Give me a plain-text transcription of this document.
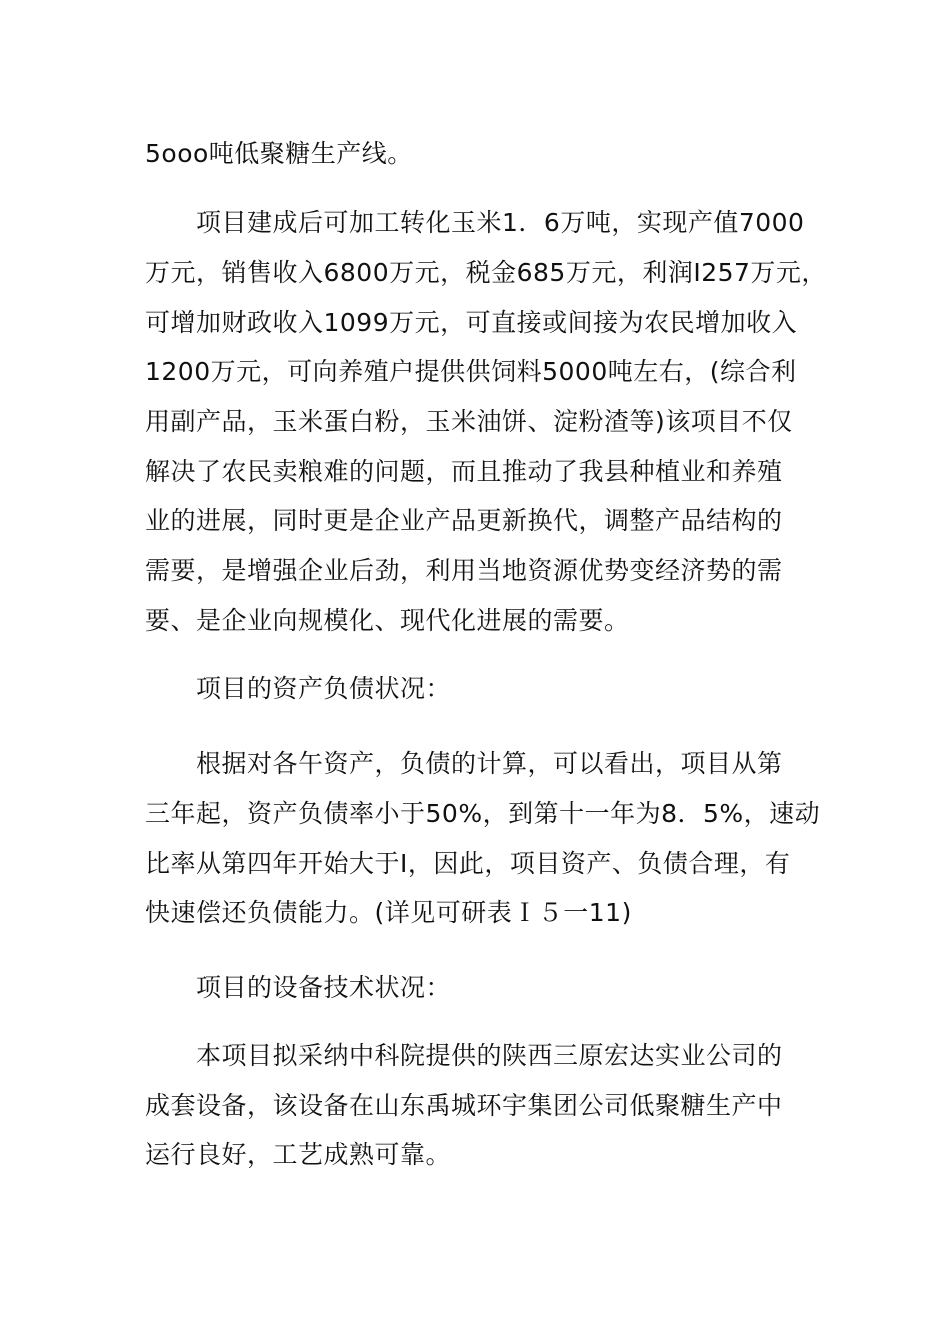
5ooo吨低聚糖生产线。
项目建成后可加工转化玉米1．6万吨，实现产值7000
万元，销售收入6800万元，税金685万元，利润I257万元，
可增加财政收入1099万元，可直接或间接为农民增加收入
1200万元，可向养殖户提供供饲料5000吨左右，(综合利
用副产品，玉米蛋白粉，玉米油饼、淀粉渣等)该项目不仅
解决了农民卖粮难的问题，而且推动了我县种植业和养殖
业的进展，同时更是企业产品更新换代，调整产品结构的
需要，是增强企业后劲，利用当地资源优势变经济势的需
要、是企业向规模化、现代化进展的需要。
项目的资产负债状况：
根据对各午资产，负债的计算，可以看出，项目从第
三年起，资产负债率小于50%，到第十一年为8．5%，速动
比率从第四年开始大于I，因此，项目资产、负债合理，有
快速偿还负债能力。(详见可研表Ｉ５一11)
项目的设备技术状况：
本项目拟采纳中科院提供的陕西三原宏达实业公司的
成套设备，该设备在山东禹城环宇集团公司低聚糖生产中
运行良好，工艺成熟可靠。
